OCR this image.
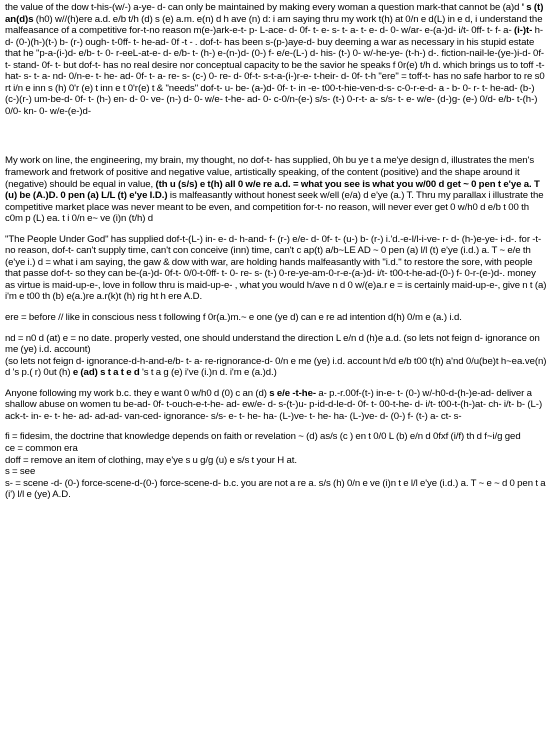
the value of the dow t-his-(w/-) a-ye- d- can only be maintained by making every woman a question mark-that cannot be (a)d ' s (t) an(d)s (h0) w//(h)ere a.d. e/b t/h (d) s (e) a.m. e(n) d h ave (n) d: i am saying thru my work t(h) at 0/n e d(L) in e d, i understand the malfeasance of a competitive for-t-no reason m(e-)ark-e-t- p- L-ace- d- 0f- t- e- s- t- a- t- e- d- 0- w/ar- e-(a-)d- i/t- 0ff- t- f- a- (i-)t- h- d- (0-)(h-)(t-) b- (r-) ough- t-0ff- t- he-ad- 0f -t - . dof-t- has been s-(p-)aye-d- buy deeming a war as necessary in his stupid estate that he "p-a-(i-)d- e/b- t- 0- r-eeL-at-e- d- e/b- t- (h-) e-(n-)d- (0-) f- e/e-(L-) d- his- (t-) 0- w/-he-ye- (t-h-) d-. fiction-nail-le-(ye-)i-d- 0f- t- stand- 0f- t- but dof-t- has no real desire nor conceptual capacity to be the savior he speaks f 0r(e) t/h d. which brings us to toff -t- hat- s- t- a- nd- 0/n-e- t- he- ad- 0f- t- a- re- s- (c-) 0- re- d- 0f-t- s-t-a-(i-)r-e- t-heir- d- 0f- t-h "ere" = toff-t- has no safe harbor to re s0 rt i/n e inn s (h) 0'r (e) t inn e t 0'r(e) t & "needs" dof-t- u- be- (a-)d- 0f- t- in -e- t00-t-hie-ven-d-s- c-0-r-e-d- a - b- 0- r- t- he-ad- (b-)(c-)(r-) um-be-d- 0f- t- (h-) en- d- 0- ve- (n-) d- 0- w/e- t-he- ad- 0- c-0/n-(e-) s/s- (t-) 0-r-t- a- s/s- t- e- w/e- (d-)g- (e-) 0/d- e/b- t-(h-) 0/0- kn- 0- w/e-(e-)d-

My work on line, the engineering, my brain, my thought, no dof-t- has supplied, 0h bu ye t a me'ye design d, illustrates the men's framework and fretwork of positive and negative value, artistically speaking, of the content (positive) and the shape around it (negative) should be equal in value, (th u (s/s) e t(h) all 0 w/e re a.d. = what you see is what you w/00 d get ~ 0 pen t e'ye a. T (u) be (A.)D. 0 pen (a) L/L (t) e'ye I.D.) is malfeasantly without honest seek w/ell (e/a) d e'ye (a.) T. Thru my parallax i illustrate the competitive market place was never meant to be even, and competition for-t- no reason, will never ever get 0 w/h0 d e/b t 00 th c0m p (L) ea. t i 0/n e~ ve (i)n (t/h) d

"The People Under God" has supplied dof-t-(L-) in- e- d- h-and- f- (r-) e/e- d- 0f- t- (u-) b- (r-) i.'d.-e-l/l-i-ve- r- d- (h-)e-ye- i-d-. for -t- no reason, dof-t- can't supply time, can't con conceive (inn) time, can't c ap(t) a/b~LE AD ~ 0 pen (a) l/l (t) e'ye (i.d.) a. T ~ e/e th (e'ye i.) d = what i am saying, the gaw & dow with war, are holding hands malfeasantly with "i.d." to restore the sore, with people that passe dof-t- so they can be-(a-)d- 0f-t- 0/0-t-0ff- t- 0- re- s- (t-) 0-re-ye-am-0-r-e-(a-)d- i/t- t00-t-he-ad-(0-) f- 0-r-(e-)d-. money as virtue is maid-up-e-, love in follow thru is maid-up-e- , what you would h/ave n d 0 w/(e)a.r e = is certainly maid-up-e-, give n t (a) i'm e t00 th (b) e(a.)re a.r(k)t (h) rig ht h ere A.D.

ere = before // like in conscious ness t following f 0r(a.)m.~ e one (ye d) can e re ad intention d(h) 0/m e (a.) i.d.

nd = n0 d (at) e = no date. properly vested, one should understand the direction L e/n d (h)e a.d. (so lets not feign d- ignorance on me (ye) i.d. account)
(so lets not feign d- ignorance-d-h-and-e/b- t- a- re-rignorance-d- 0/n e me (ye) i.d. account h/d e/b t00 t(h) a'nd 0/u(be)t h~ea.ve(n) d 's p.( r) 0ut (h) e (ad) s t a t e d 's t a g (e) i've (i.)n d. i'm e (a.)d.)

Anyone following my work b.c. they e want 0 w/h0 d (0) c an (d) s e/e -t-he- a- p.-r.00f-(t-) in-e- t- (0-) w/-h0-d-(h-)e-ad- deliver a shallow abuse on women tu be-ad- 0f- t-ouch-e-t-he- ad- ew/e- d- s-(t-)u- p-id-d-le-d- 0f- t- 00-t-he- d- i/t- t00-t-(h-)at- ch- i/t- b- (L-) ack-t- in- e- t- he- ad- ad-ad- van-ced- ignorance- s/s- e- t- he- ha- (L-)ve- t- he- ha- (L-)ve- d- (0-) f- (t-) a- ct- s-

fi = fidesim, the doctrine that knowledge depends on faith or revelation ~ (d) as/s (c ) en t 0/0 L (b) e/n d 0fxf (i/f) th d f~i/g ged

ce = common era

doff = remove an item of clothing, may e'ye s u g/g (u) e s/s t your H at.

s = see

s- = scene -d- (0-) force-scene-d-(0-) force-scene-d- b.c. you are not a re a. s/s (h) 0/n e ve (i)n t e l/l e'ye (i.d.) a. T ~ e ~ d 0 pen t a (i') l/l e (ye) A.D.
